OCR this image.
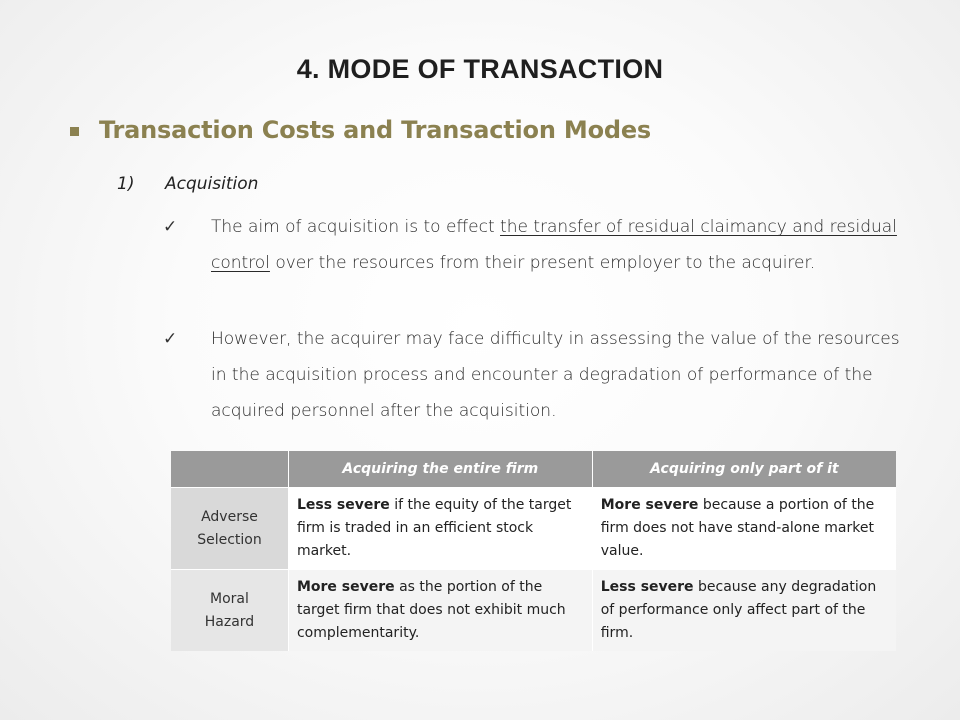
4. MODE OF TRANSACTION
Transaction Costs and Transaction Modes
1) Acquisition
✓ The aim of acquisition is to effect the transfer of residual claimancy and residual control over the resources from their present employer to the acquirer.
✓ However, the acquirer may face difficulty in assessing the value of the resources in the acquisition process and encounter a degradation of performance of the acquired personnel after the acquisition.
	Acquiring the entire firm	Acquiring only part of it
Adverse
Selection	Less severe if the equity of the target firm is traded in an efficient stock market.	More severe because a portion of the firm does not have stand-alone market value.
Moral
Hazard	More severe as the portion of the target firm that does not exhibit much complementarity.	Less severe because any degradation of performance only affect part of the firm.
